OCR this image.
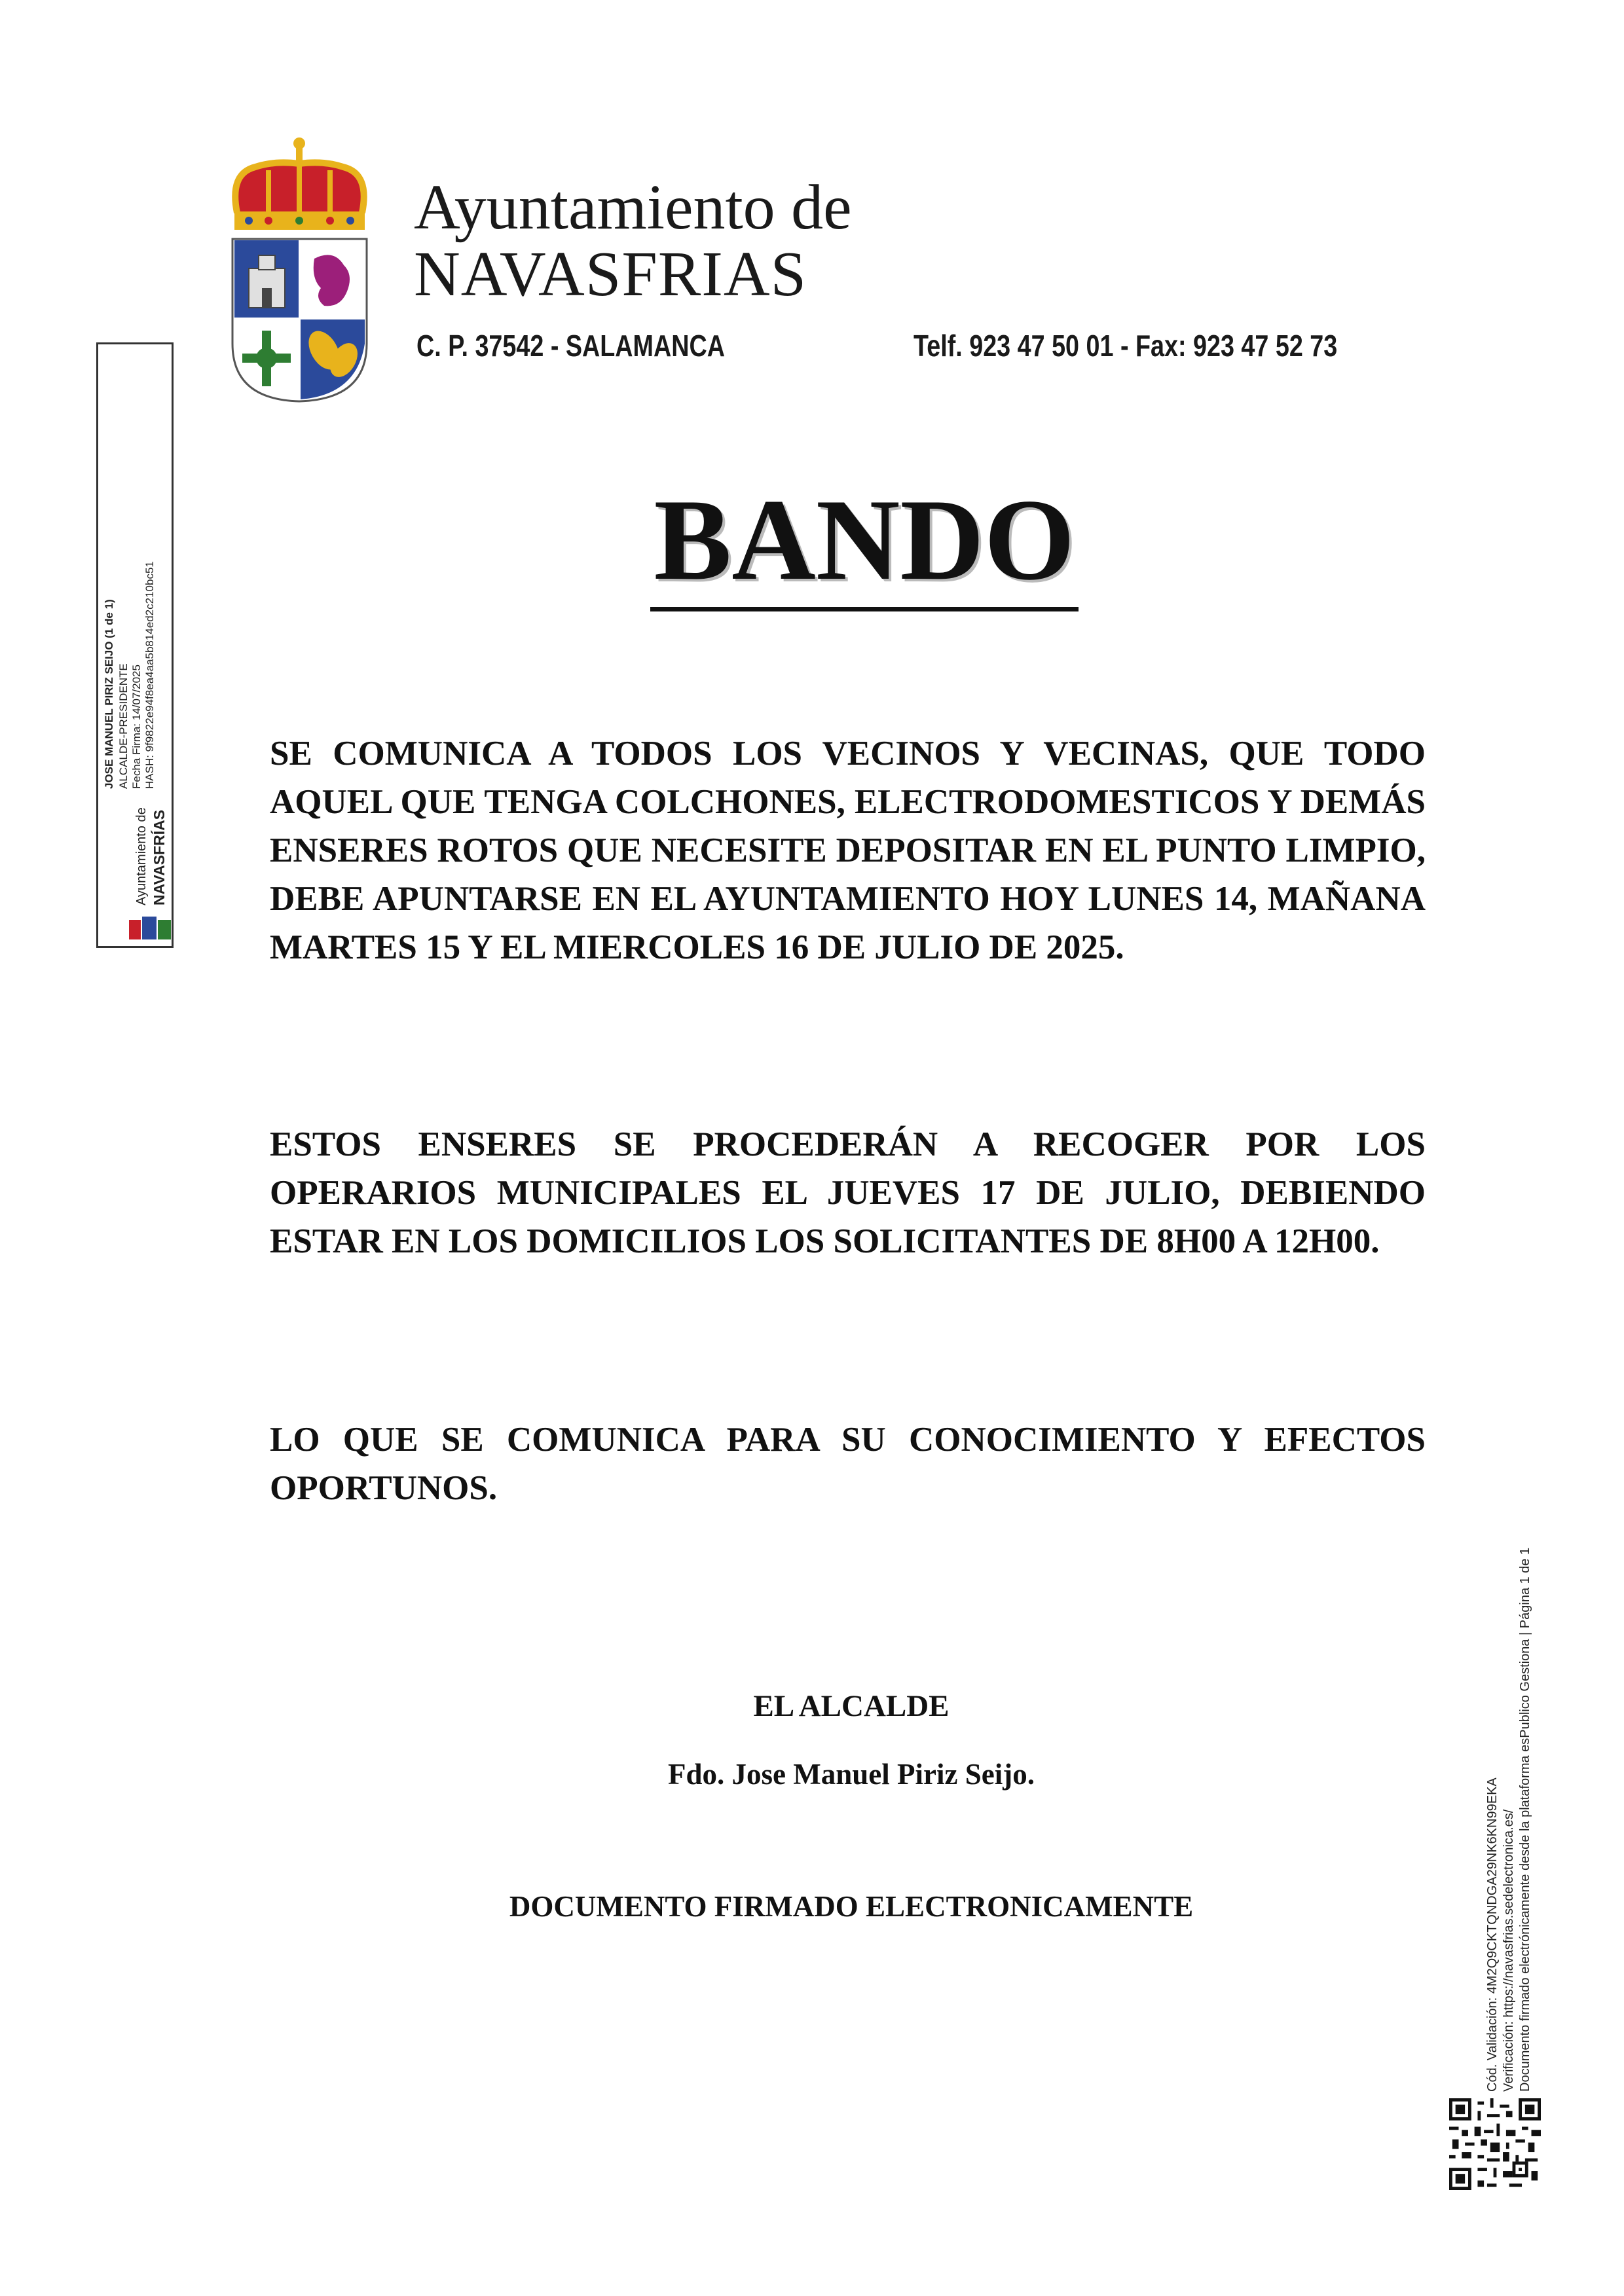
Ayuntamiento de
NAVASFRIAS
C. P. 37542 - SALAMANCA	Telf. 923 47 50 01 - Fax: 923 47 52 73
BANDO
SE COMUNICA A TODOS LOS VECINOS Y VECINAS, QUE TODO AQUEL QUE TENGA COLCHONES, ELECTRODOMESTICOS Y DEMÁS ENSERES ROTOS QUE NECESITE DEPOSITAR EN EL PUNTO LIMPIO, DEBE APUNTARSE EN EL AYUNTAMIENTO HOY LUNES 14, MAÑANA MARTES 15 Y EL MIERCOLES 16 DE JULIO DE 2025.
ESTOS ENSERES SE PROCEDERÁN A RECOGER POR LOS OPERARIOS MUNICIPALES EL JUEVES 17 DE JULIO, DEBIENDO ESTAR EN LOS DOMICILIOS LOS SOLICITANTES DE 8H00 A 12H00.
LO QUE SE COMUNICA PARA SU CONOCIMIENTO Y EFECTOS OPORTUNOS.
EL ALCALDE
Fdo. Jose Manuel Piriz Seijo.
DOCUMENTO FIRMADO ELECTRONICAMENTE
JOSE MANUEL PIRIZ SEIJO (1 de 1) ALCALDE-PRESIDENTE Fecha Firma: 14/07/2025 HASH: 9f9822e94f8ea4aa5b814ed2c210bc51
Ayuntamiento de NAVASFRÍAS
Cód. Validación: 4M2Q9CKTQNDGA29NK6KN99EKA Verificación: https://navasfrias.sedelectronica.es/ Documento firmado electrónicamente desde la plataforma esPublico Gestiona | Página 1 de 1
